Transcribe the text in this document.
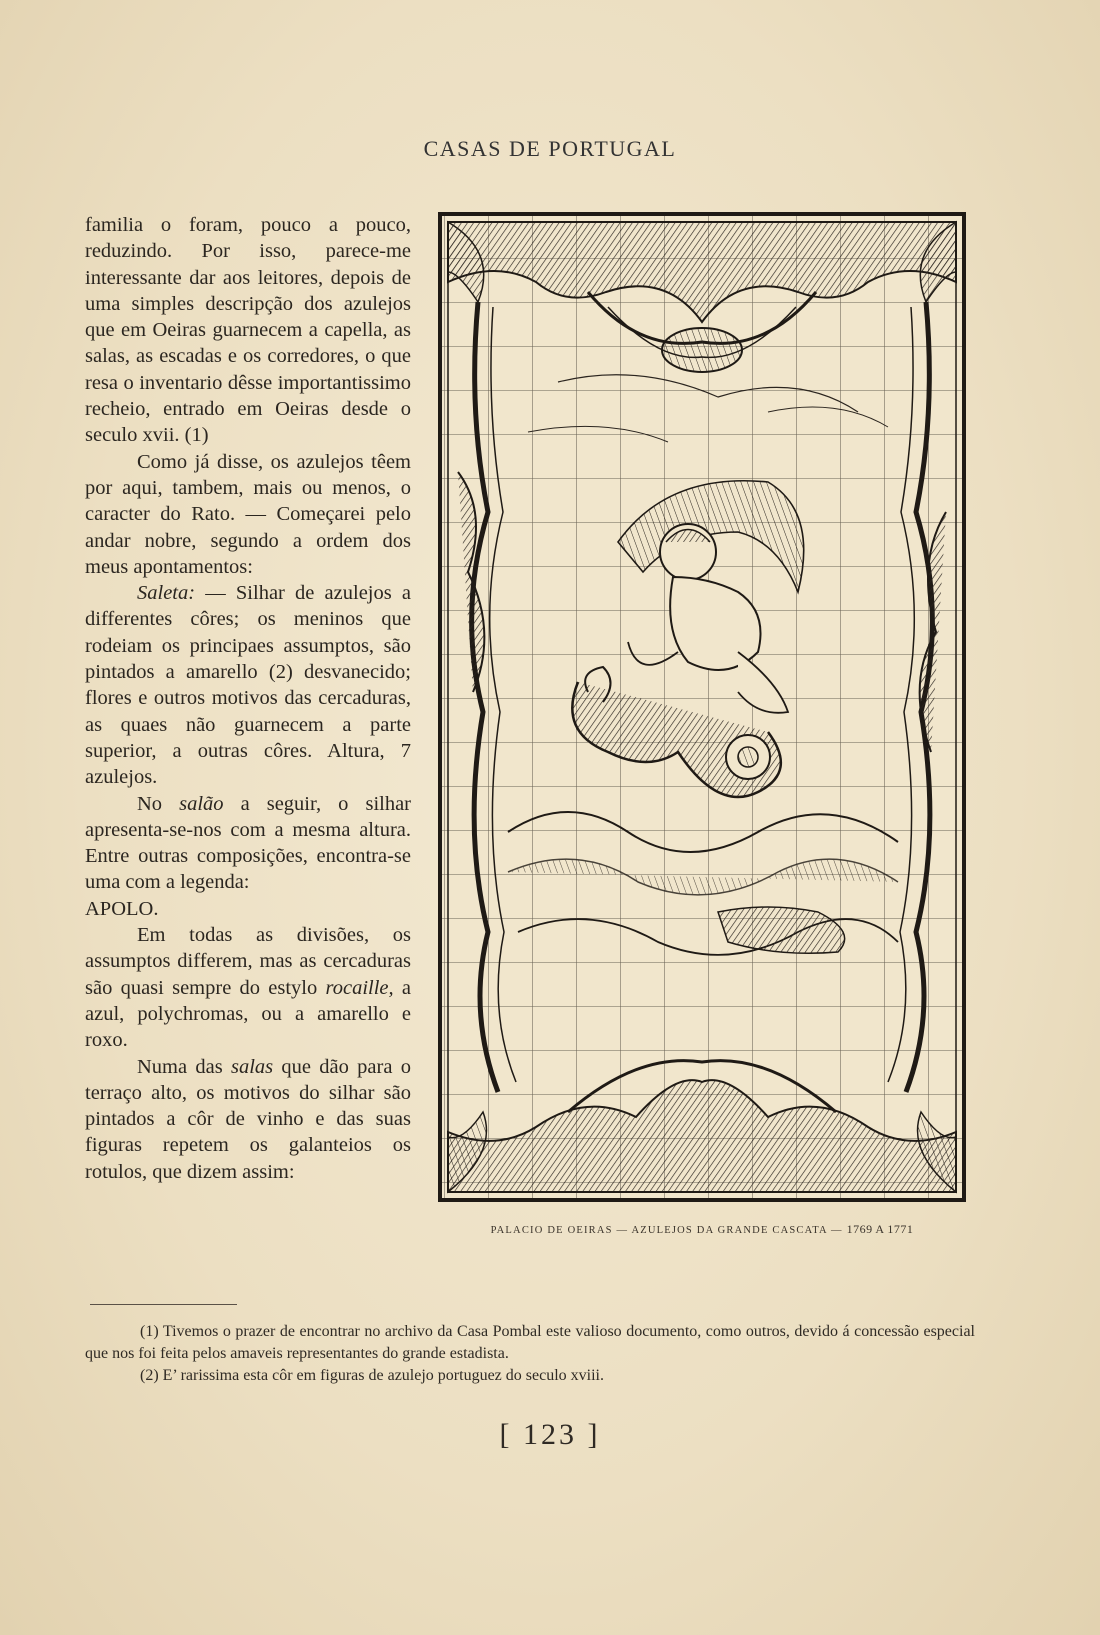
CASAS DE PORTUGAL

familia o foram, pouco a pouco, reduzindo. Por isso, parece-me interessante dar aos leitores, depois de uma simples descripção dos azulejos que em Oeiras guarnecem a capella, as salas, as escadas e os corredores, o que resa o inventario dêsse importantissimo recheio, entrado em Oeiras desde o seculo xvii. (1)

Como já disse, os azulejos têem por aqui, tambem, mais ou menos, o caracter do Rato. — Começarei pelo andar nobre, segundo a ordem dos meus apontamentos:

Saleta: — Silhar de azulejos a differentes côres; os meninos que rodeiam os principaes assumptos, são pintados a amarello (2) desvanecido; flores e outros motivos das cercaduras, as quaes não guarnecem a parte superior, a outras côres. Altura, 7 azulejos.

No salão a seguir, o silhar apresenta-se-nos com a mesma altura. Entre outras composições, encontra-se uma com a legenda:

APOLO.

Em todas as divisões, os assumptos differem, mas as cercaduras são quasi sempre do estylo rocaille, a azul, polychromas, ou a amarello e roxo.

Numa das salas que dão para o terraço alto, os motivos do silhar são pintados a côr de vinho e das suas figuras repetem os galanteios os rotulos, que dizem assim:

PALACIO DE OEIRAS — AZULEJOS DA GRANDE CASCATA — 1769 A 1771

(1) Tivemos o prazer de encontrar no archivo da Casa Pombal este valioso documento, como outros, devido á concessão especial que nos foi feita pelos amaveis representantes do grande estadista.

(2) E’ rarissima esta côr em figuras de azulejo portuguez do seculo xviii.

[ 123 ]
